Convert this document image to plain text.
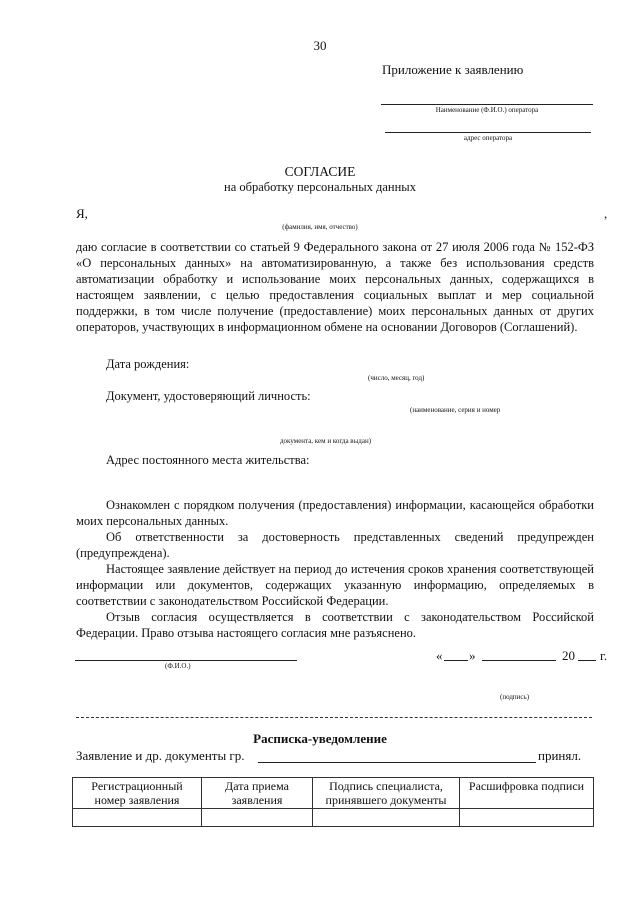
30
Приложение к заявлению
Наименование (Ф.И.О.) оператора
адрес оператора
СОГЛАСИЕ
на обработку персональных данных
Я,	,
(фамилия, имя, отчество)
даю согласие в соответствии со статьей 9 Федерального закона от 27 июля 2006 года № 152-ФЗ «О персональных данных» на автоматизированную, а также без использования средств автоматизации обработку и использование моих персональных данных, содержащихся в настоящем заявлении, с целью предоставления социальных выплат и мер социальной поддержки, в том числе получение (предоставление) моих персональных данных от других операторов, участвующих в информационном обмене на основании Договоров (Соглашений).
Дата рождения:
(число, месяц, год)
Документ, удостоверяющий личность:
(наименование, серия и номер
документа, кем и когда выдан)
Адрес постоянного места жительства:
Ознакомлен с порядком получения (предоставления) информации, касающейся обработки моих персональных данных.
Об ответственности за достоверность представленных сведений предупрежден (предупреждена).
Настоящее заявление действует на период до истечения сроков хранения соответствующей информации или документов, содержащих указанную информацию, определяемых в соответствии с законодательством Российской Федерации.
Отзыв согласия осуществляется в соответствии с законодательством Российской Федерации. Право отзыва настоящего согласия мне разъяснено.
(Ф.И.О.)
« »	20 г.
(подпись)
Расписка-уведомление
Заявление и др. документы гр.	принял.
Регистрационный номер заявления	Дата приема заявления	Подпись специалиста, принявшего документы	Расшифровка подписи
